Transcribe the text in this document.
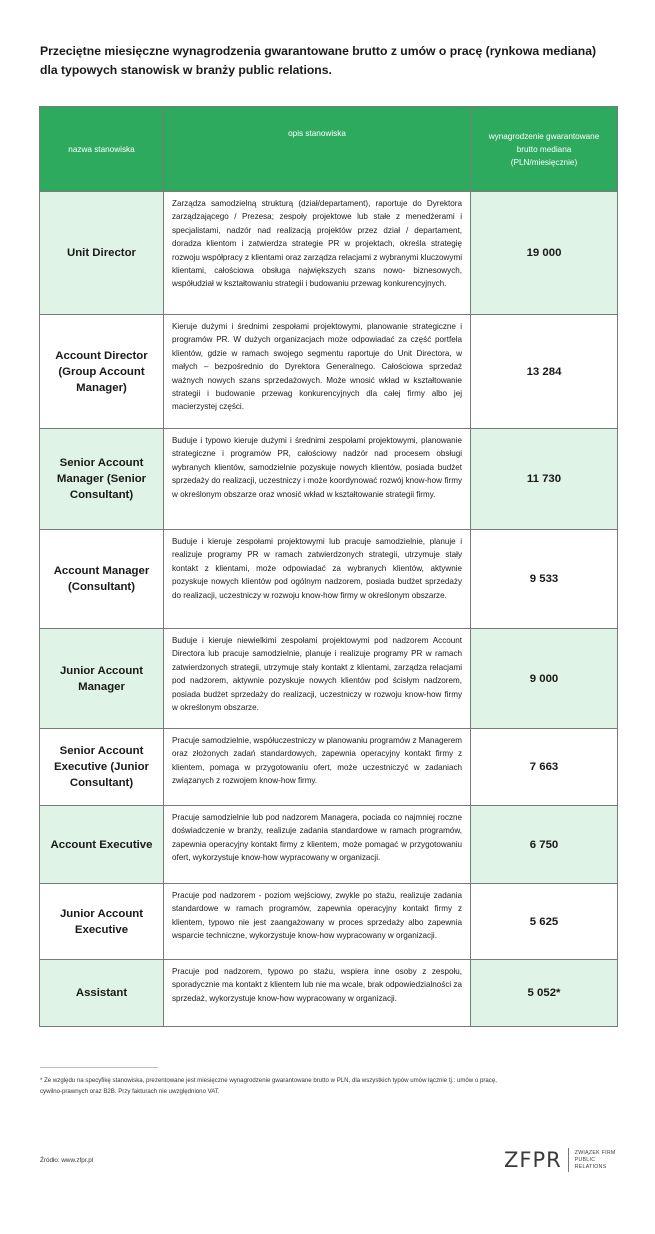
Przeciętne miesięczne wynagrodzenia gwarantowane brutto z umów o pracę (rynkowa mediana)
dla typowych stanowisk w branży public relations.
nazwa stanowiska	opis stanowiska	wynagrodzenie gwarantowane
brutto mediana
(PLN/miesięcznie)

Unit Director	Zarządza samodzielną strukturą (dział/departament), raportuje do Dyrektora zarządzającego / Prezesa; zespoły projektowe lub stałe z menedżerami i specjalistami, nadzór nad realizacją projektów przez dział / departament, doradza klientom i zatwierdza strategie PR w projektach, określa strategię rozwoju współpracy z klientami oraz zarządza relacjami z wybranymi kluczowymi klientami, całościowa obsługa największych szans nowo- biznesowych, współudział w kształtowaniu strategii i budowaniu przewag konkurencyjnych.	19 000
Account Director (Group Account Manager)	Kieruje dużymi i średnimi zespołami projektowymi, planowanie strategiczne i programów PR. W dużych organizacjach może odpowiadać za część portfela klientów, gdzie w ramach swojego segmentu raportuje do Unit Directora, w małych – bezpośrednio do Dyrektora Generalnego. Całościowa sprzedaż ważnych nowych szans sprzedażowych. Może wnosić wkład w kształtowanie strategii i budowanie przewag konkurencyjnych dla całej firmy albo jej macierzystej części.	13 284
Senior Account Manager (Senior Consultant)	Buduje i typowo kieruje dużymi i średnimi zespołami projektowymi, planowanie strategiczne i programów PR, całościowy nadzór nad procesem obsługi wybranych klientów, samodzielnie pozyskuje nowych klientów, posiada budżet sprzedaży do realizacji, uczestniczy i może koordynować rozwój know-how firmy w określonym obszarze oraz wnosić wkład w kształtowanie strategii firmy.	11 730
Account Manager (Consultant)	Buduje i kieruje zespołami projektowymi lub pracuje samodzielnie, planuje i realizuje programy PR w ramach zatwierdzonych strategii, utrzymuje stały kontakt z klientami, może odpowiadać za wybranych klientów, aktywnie pozyskuje nowych klientów pod ogólnym nadzorem, posiada budżet sprzedaży do realizacji, uczestniczy w rozwoju know-how firmy w określonym obszarze.	9 533
Junior Account Manager	Buduje i kieruje niewielkimi zespołami projektowymi pod nadzorem Account Directora lub pracuje samodzielnie, planuje i realizuje programy PR w ramach zatwierdzonych strategii, utrzymuje stały kontakt z klientami, zarządza relacjami pod nadzorem, aktywnie pozyskuje nowych klientów pod ścisłym nadzorem, posiada budżet sprzedaży do realizacji, uczestniczy w rozwoju know-how firmy w określonym obszarze.	9 000
Senior Account Executive (Junior Consultant)	Pracuje samodzielnie, współuczestniczy w planowaniu programów z Managerem oraz złożonych zadań standardowych, zapewnia operacyjny kontakt firmy z klientem, pomaga w przygotowaniu ofert, może uczestniczyć w zadaniach związanych z rozwojem know-how firmy.	7 663
Account Executive	Pracuje samodzielnie lub pod nadzorem Managera, pociada co najmniej roczne doświadczenie w branży, realizuje zadania standardowe w ramach programów, zapewnia operacyjny kontakt firmy z klientem, może pomagać w przygotowaniu ofert, wykorzystuje know-how wypracowany w organizacji.	6 750
Junior Account Executive	Pracuje pod nadzorem - poziom wejściowy, zwykle po stażu, realizuje zadania standardowe w ramach programów, zapewnia operacyjny kontakt firmy z klientem, typowo nie jest zaangażowany w proces sprzedaży albo zapewnia wsparcie techniczne, wykorzystuje know-how wypracowany w organizacji.	5 625
Assistant	Pracuje pod nadzorem, typowo po stażu, wspiera inne osoby z zespołu, sporadycznie ma kontakt z klientem lub nie ma wcale, brak odpowiedzialności za sprzedaż, wykorzystuje know-how wypracowany w organizacji.	5 052*
* Ze względu na specyfikę stanowiska, prezentowane jest miesięczne wynagrodzenie gwarantowane brutto w PLN, dla wszystkich typów umów łącznie tj.: umów o pracę,
cywilno-prawnych oraz B2B. Przy fakturach nie uwzględniono VAT.
Źródło: www.zfpr.pl	ZFPR	ZWIĄZEK FIRM
PUBLIC
RELATIONS
